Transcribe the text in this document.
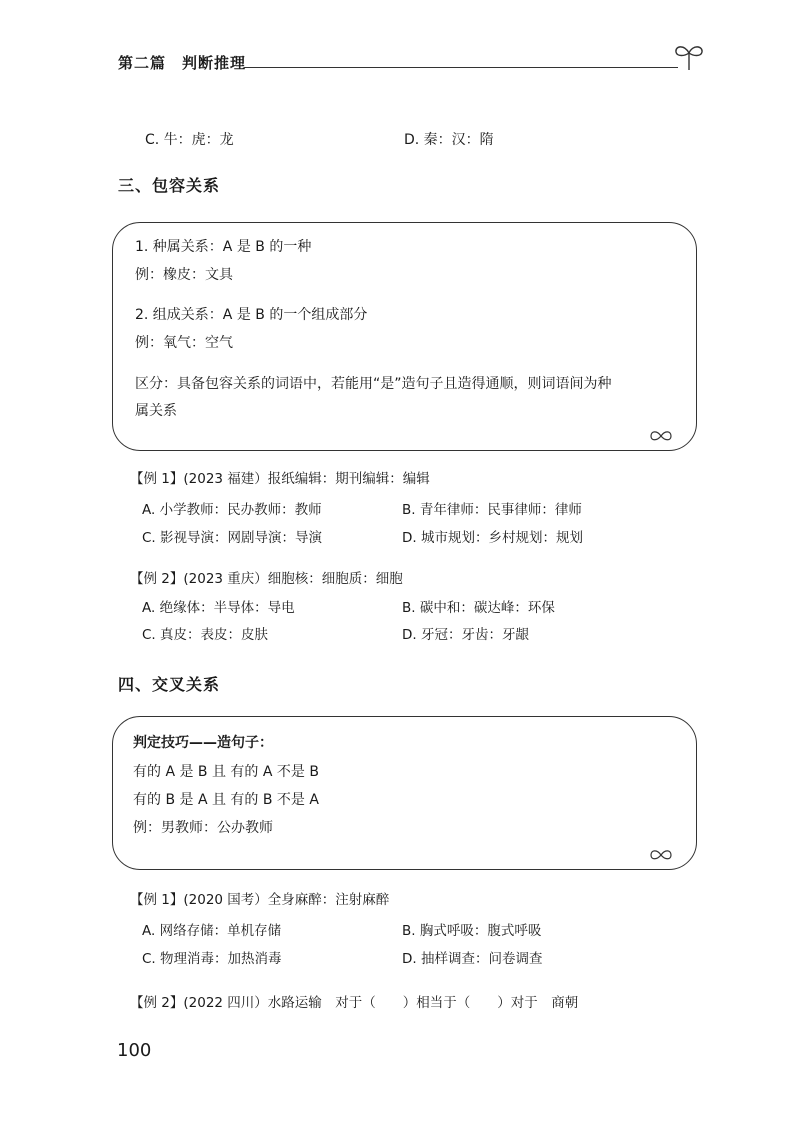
第二篇　判断推理
C. 牛：虎：龙	D. 秦：汉：隋
三、包容关系
1. 种属关系：A 是 B 的一种
例：橡皮：文具
2. 组成关系：A 是 B 的一个组成部分
例：氧气：空气
区分：具备包容关系的词语中，若能用“是”造句子且造得通顺，则词语间为种
属关系
【例 1】(2023 福建）报纸编辑：期刊编辑：编辑
A. 小学教师：民办教师：教师	B. 青年律师：民事律师：律师
C. 影视导演：网剧导演：导演	D. 城市规划：乡村规划：规划
【例 2】(2023 重庆）细胞核：细胞质：细胞
A. 绝缘体：半导体：导电	B. 碳中和：碳达峰：环保
C. 真皮：表皮：皮肤	D. 牙冠：牙齿：牙龈
四、交叉关系
判定技巧——造句子：
有的 A 是 B 且 有的 A 不是 B
有的 B 是 A 且 有的 B 不是 A
例：男教师：公办教师
【例 1】(2020 国考）全身麻醉：注射麻醉
A. 网络存储：单机存储	B. 胸式呼吸：腹式呼吸
C. 物理消毒：加热消毒	D. 抽样调查：问卷调查
【例 2】(2022 四川）水路运输　对于（　　）相当于（　　）对于　商朝
100
